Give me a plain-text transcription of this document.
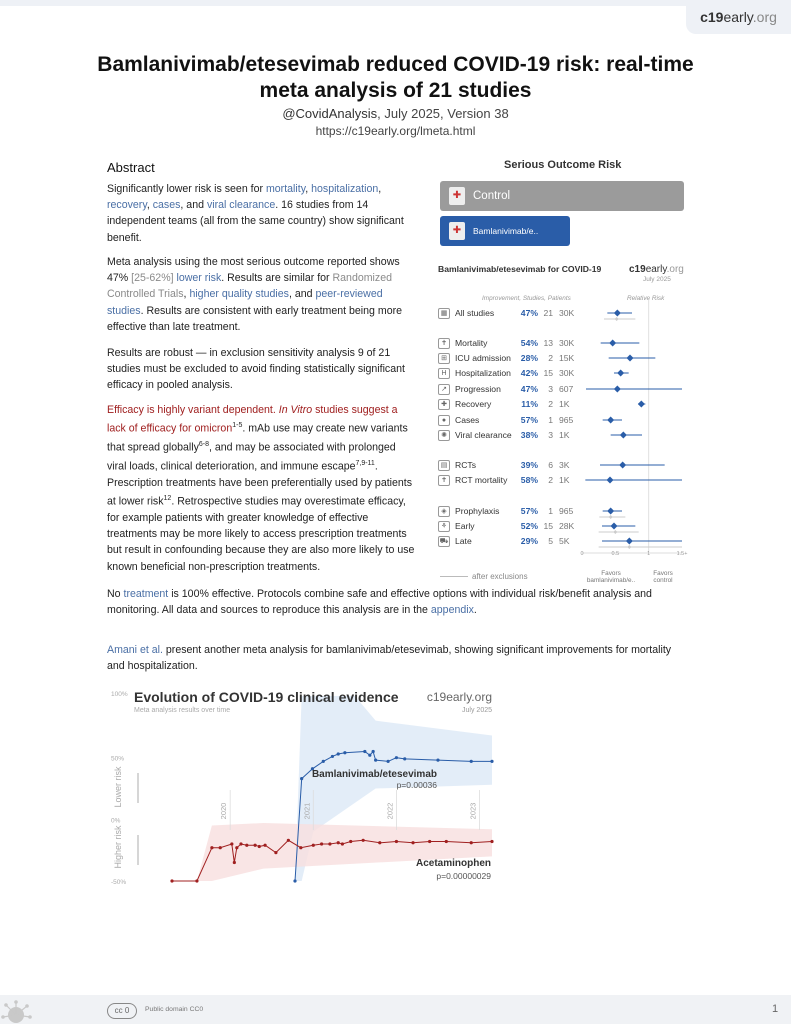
c19early.org
Bamlanivimab/etesevimab reduced COVID-19 risk: real-time meta analysis of 21 studies
@CovidAnalysis, July 2025, Version 38
https://c19early.org/lmeta.html
Abstract
Significantly lower risk is seen for mortality, hospitalization, recovery, cases, and viral clearance. 16 studies from 14 independent teams (all from the same country) show significant benefit.
Meta analysis using the most serious outcome reported shows 47% [25-62%] lower risk. Results are similar for Randomized Controlled Trials, higher quality studies, and peer-reviewed studies. Results are consistent with early treatment being more effective than late treatment.
Results are robust — in exclusion sensitivity analysis 9 of 21 studies must be excluded to avoid finding statistically significant efficacy in pooled analysis.
Efficacy is highly variant dependent. In Vitro studies suggest a lack of efficacy for omicron$^{1-5}$. mAb use may create new variants that spread globally$^{6-8}$, and may be associated with prolonged viral loads, clinical deterioration, and immune escape$^{7,9-11}$.
Prescription treatments have been preferentially used by patients at lower risk$^{12}$. Retrospective studies may overestimate efficacy, for example patients with greater knowledge of effective treatments may be more likely to access prescription treatments but result in confounding because they are also more likely to use known beneficial non-prescription treatments.
No treatment is 100% effective. Protocols combine safe and effective options with individual risk/benefit analysis and monitoring. All data and sources to reproduce this analysis are in the appendix.
Amani et al. present another meta analysis for bamlanivimab/etesevimab, showing significant improvements for mortality and hospitalization.
Serious Outcome Risk
✚	Control
✚	Bamlanivimab/e..
Bamlanivimab/etesevimab for COVID-19	c19early.org
July 2025
Improvement, Studies, Patients	Relative Risk
▦ All studies	47% 21 30K
✝ Mortality	54% 13 30K
⊞ ICU admission	28%	2 15K
H Hospitalization	42% 15 30K
↗ Progression	47%	3 607
✚ Recovery	11%	2 1K
●	Cases	57%	1 965
✺ Viral clearance	38%	3 1K
▤ RCTs	39%	6 3K
✝ RCT mortality	58%	2 1K
◈ Prophylaxis	57%	1 965
⚘ Early	52% 15 28K
⛟ Late	29%	5 5K
0	0.5	1	1.5+
after exclusions	Favors bamlanivimab/e..
Favors control
Evolution of COVID-19 clinical evidence
Meta analysis results over time
c19early.org
July 2025
100%
50%
0%
-50%
Lower risk
Higher risk
2020	2021	2022	2023
Bamlanivimab/etesevimab
p=0.00036
Acetaminophen
p=0.00000029
cc 0	Public domain CC0	1
